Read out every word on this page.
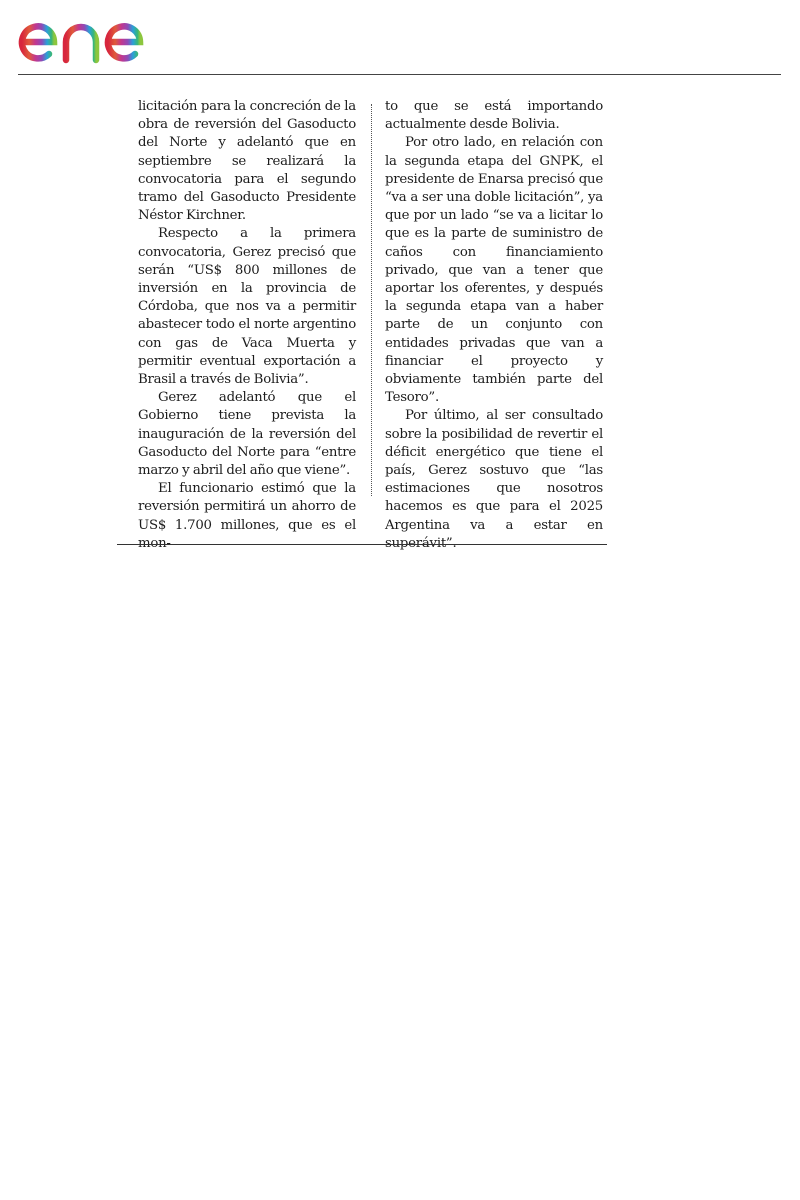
licitación para la concreción de la obra de reversión del Gasoducto del Norte y adelantó que en septiembre se realizará la convocatoria para el segundo tramo del Gasoducto Presidente Néstor Kirchner.

Respecto a la primera convocatoria, Gerez precisó que serán “US$ 800 millones de inversión en la provincia de Córdoba, que nos va a permitir abastecer todo el norte argentino con gas de Vaca Muerta y permitir eventual exportación a Brasil a través de Bolivia”.

Gerez adelantó que el Gobierno tiene prevista la inauguración de la reversión del Gasoducto del Norte para “entre marzo y abril del año que viene”.

El funcionario estimó que la reversión permitirá un ahorro de US$ 1.700 millones, que es el mon-

to que se está importando actualmente desde Bolivia.

Por otro lado, en relación con la segunda etapa del GNPK, el presidente de Enarsa precisó que “va a ser una doble licitación”, ya que por un lado “se va a licitar lo que es la parte de suministro de caños con financiamiento privado, que van a tener que aportar los oferentes, y después la segunda etapa van a haber parte de un conjunto con entidades privadas que van a financiar el proyecto y obviamente también parte del Tesoro”.

Por último, al ser consultado sobre la posibilidad de revertir el déficit energético que tiene el país, Gerez sostuvo que “las estimaciones que nosotros hacemos es que para el 2025 Argentina va a estar en superávit”.
